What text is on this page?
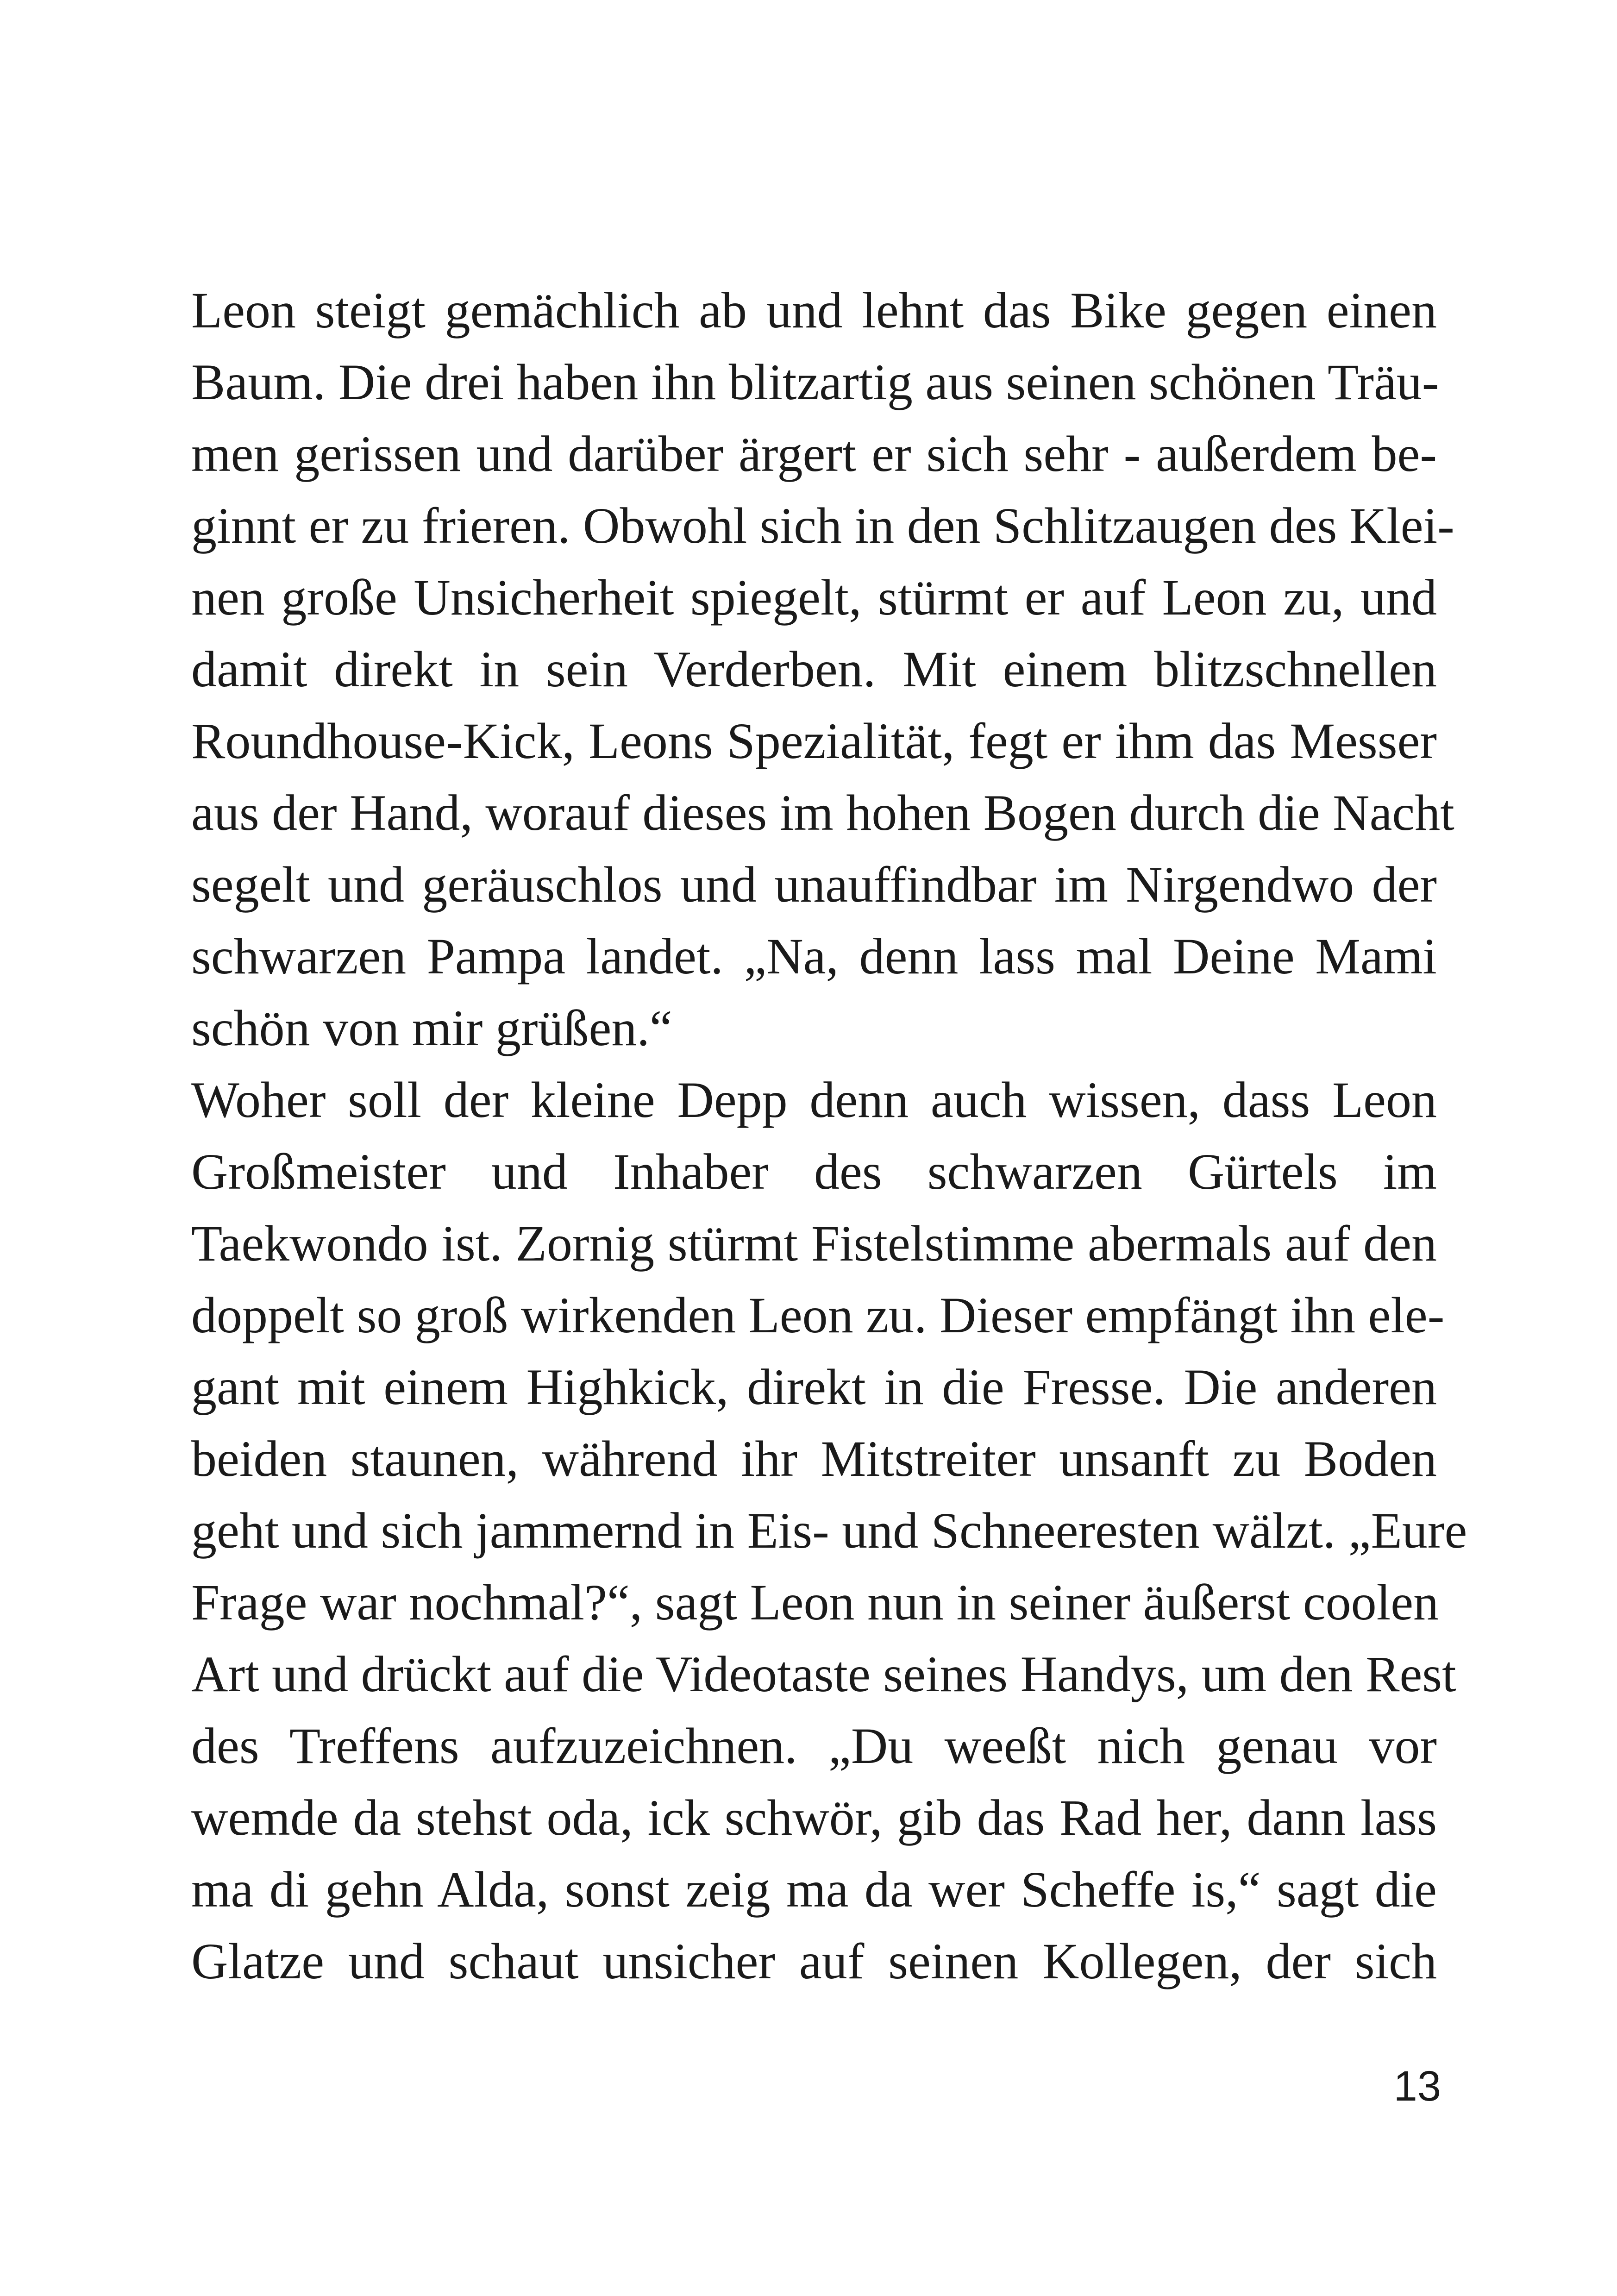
Leon steigt gemächlich ab und lehnt das Bike gegen einen
Baum. Die drei haben ihn blitzartig aus seinen schönen Träu-
men gerissen und darüber ärgert er sich sehr - außerdem be-
ginnt er zu frieren. Obwohl sich in den Schlitzaugen des Klei-
nen große Unsicherheit spiegelt, stürmt er auf Leon zu, und
damit direkt in sein Verderben. Mit einem blitzschnellen
Roundhouse-Kick, Leons Spezialität, fegt er ihm das Messer
aus der Hand, worauf dieses im hohen Bogen durch die Nacht
segelt und geräuschlos und unauffindbar im Nirgendwo der
schwarzen Pampa landet. „Na, denn lass mal Deine Mami
schön von mir grüßen.“
Woher soll der kleine Depp denn auch wissen, dass Leon
Großmeister und Inhaber des schwarzen Gürtels im
Taekwondo ist. Zornig stürmt Fistelstimme abermals auf den
doppelt so groß wirkenden Leon zu. Dieser empfängt ihn ele-
gant mit einem Highkick, direkt in die Fresse. Die anderen
beiden staunen, während ihr Mitstreiter unsanft zu Boden
geht und sich jammernd in Eis- und Schneeresten wälzt. „Eure
Frage war nochmal?“, sagt Leon nun in seiner äußerst coolen
Art und drückt auf die Videotaste seines Handys, um den Rest
des Treffens aufzuzeichnen. „Du weeßt nich genau vor
wemde da stehst oda, ick schwör, gib das Rad her, dann lass
ma di gehn Alda, sonst zeig ma da wer Scheffe is,“ sagt die
Glatze und schaut unsicher auf seinen Kollegen, der sich
13
